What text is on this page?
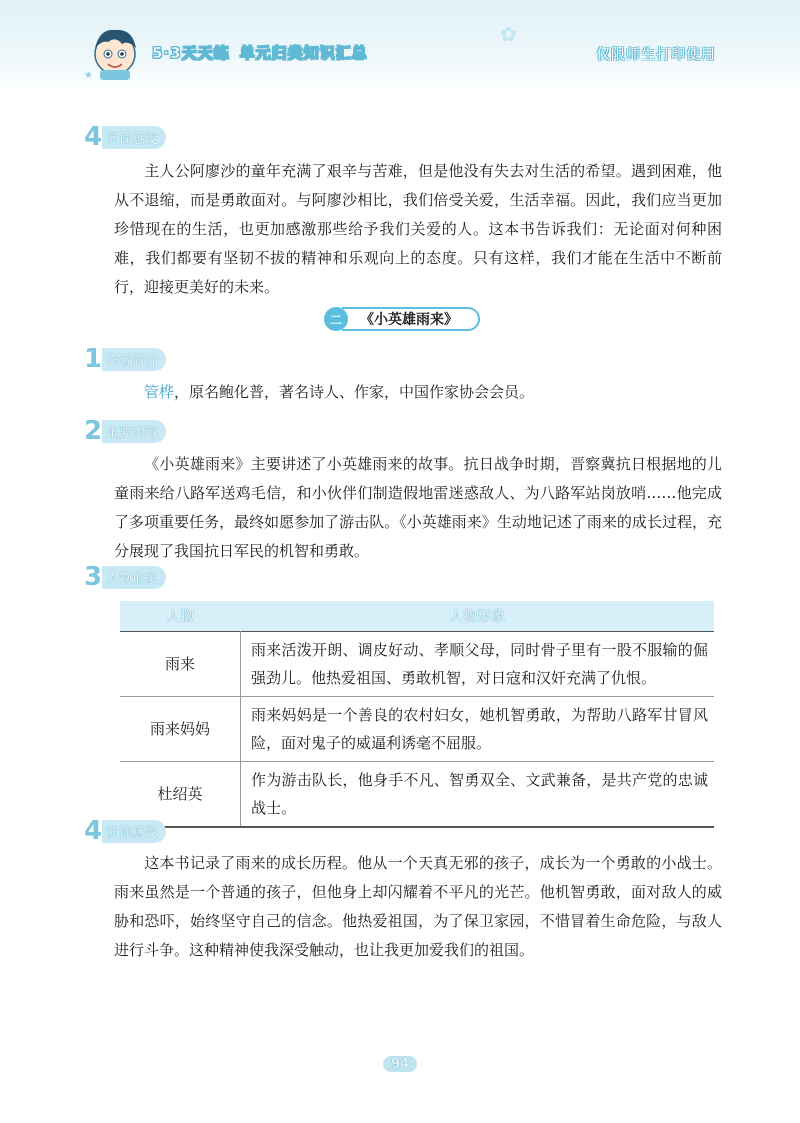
★
5·3天天练 单元归类知识汇总
✿
仅限师生打印使用
4 阅读感受
主人公阿廖沙的童年充满了艰辛与苦难，但是他没有失去对生活的希望。遇到困难，他从不退缩，而是勇敢面对。与阿廖沙相比，我们倍受关爱，生活幸福。因此，我们应当更加珍惜现在的生活，也更加感激那些给予我们关爱的人。这本书告诉我们：无论面对何种困难，我们都要有坚韧不拔的精神和乐观向上的态度。只有这样，我们才能在生活中不断前行，迎接更美好的未来。
二	《小英雄雨来》
1 作者简介
管桦，原名鲍化普，著名诗人、作家，中国作家协会会员。
2 主要内容
《小英雄雨来》主要讲述了小英雄雨来的故事。抗日战争时期，晋察冀抗日根据地的儿童雨来给八路军送鸡毛信，和小伙伴们制造假地雷迷惑敌人、为八路军站岗放哨……他完成了多项重要任务，最终如愿参加了游击队。《小英雄雨来》生动地记述了雨来的成长过程，充分展现了我国抗日军民的机智和勇敢。
3 人物形象
人物	人物形象
雨来	雨来活泼开朗、调皮好动、孝顺父母，同时骨子里有一股不服输的倔强劲儿。他热爱祖国、勇敢机智，对日寇和汉奸充满了仇恨。
雨来妈妈	雨来妈妈是一个善良的农村妇女，她机智勇敢，为帮助八路军甘冒风险，面对鬼子的威逼利诱毫不屈服。
杜绍英	作为游击队长，他身手不凡、智勇双全、文武兼备，是共产党的忠诚战士。
4 阅读感受
这本书记录了雨来的成长历程。他从一个天真无邪的孩子，成长为一个勇敢的小战士。雨来虽然是一个普通的孩子，但他身上却闪耀着不平凡的光芒。他机智勇敢，面对敌人的威胁和恐吓，始终坚守自己的信念。他热爱祖国，为了保卫家园，不惜冒着生命危险，与敌人进行斗争。这种精神使我深受触动，也让我更加爱我们的祖国。
94
